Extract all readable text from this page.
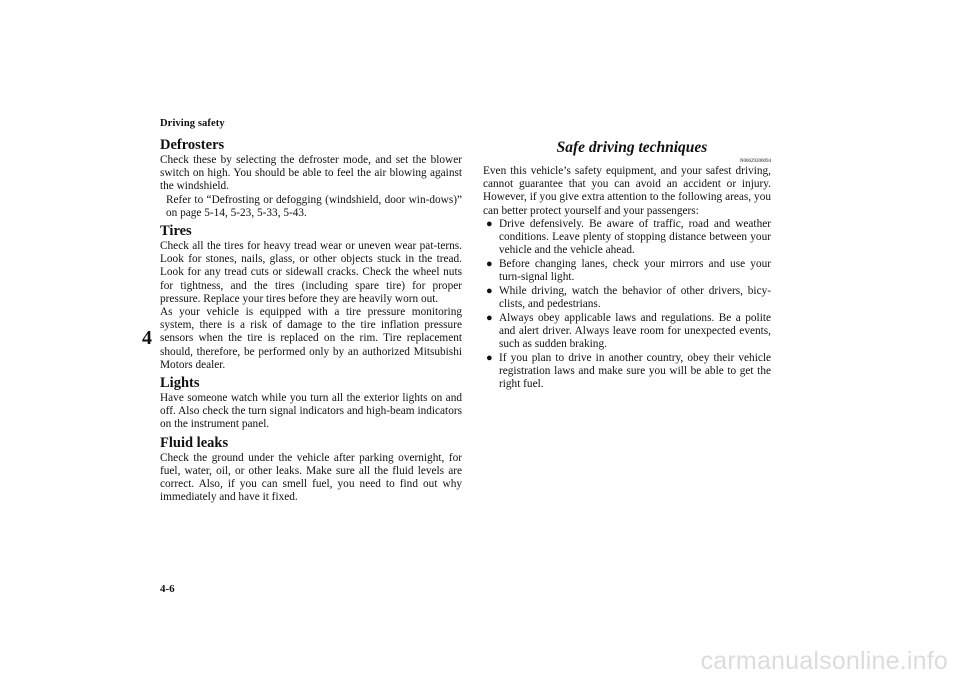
Driving safety
4
Defrosters

Check these by selecting the defroster mode, and set the blower switch on high. You should be able to feel the air blowing against the windshield.

Refer to “Defrosting or defogging (windshield, door win-dows)” on page 5-14, 5-23, 5-33, 5-43.

Tires

Check all the tires for heavy tread wear or uneven wear pat-terns. Look for stones, nails, glass, or other objects stuck in the tread. Look for any tread cuts or sidewall cracks. Check the wheel nuts for tightness, and the tires (including spare tire) for proper pressure. Replace your tires before they are heavily worn out.

As your vehicle is equipped with a tire pressure monitoring system, there is a risk of damage to the tire inflation pressure sensors when the tire is replaced on the rim. Tire replacement should, therefore, be performed only by an authorized Mitsubishi Motors dealer.

Lights

Have someone watch while you turn all the exterior lights on and off. Also check the turn signal indicators and high-beam indicators on the instrument panel.

Fluid leaks

Check the ground under the vehicle after parking overnight, for fuel, water, oil, or other leaks. Make sure all the fluid levels are correct. Also, if you can smell fuel, you need to find out why immediately and have it fixed.

Safe driving techniques
N00629200094

Even this vehicle’s safety equipment, and your safest driving, cannot guarantee that you can avoid an accident or injury. However, if you give extra attention to the following areas, you can better protect yourself and your passengers:

● Drive defensively. Be aware of traffic, road and weather conditions. Leave plenty of stopping distance between your vehicle and the vehicle ahead.
● Before changing lanes, check your mirrors and use your turn-signal light.
● While driving, watch the behavior of other drivers, bicy-clists, and pedestrians.
● Always obey applicable laws and regulations. Be a polite and alert driver. Always leave room for unexpected events, such as sudden braking.
● If you plan to drive in another country, obey their vehicle registration laws and make sure you will be able to get the right fuel.
4-6
carmanualsonline.info
